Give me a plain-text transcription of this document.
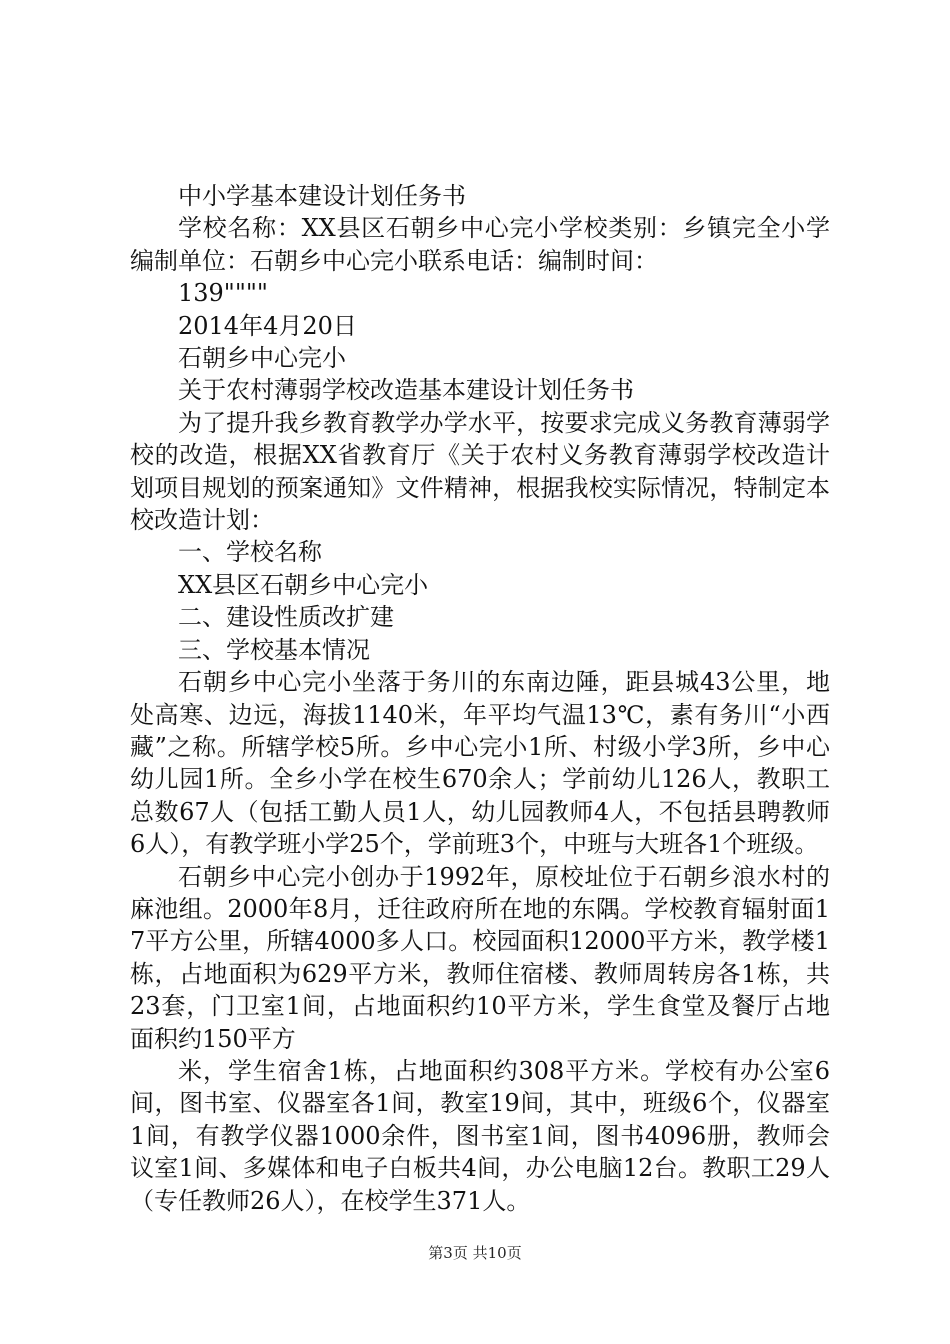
中小学基本建设计划任务书

学校名称：XX县区石朝乡中心完小学校类别：乡镇完全小学编制单位：石朝乡中心完小联系电话：编制时间：

139""""

2014年4月20日

石朝乡中心完小

关于农村薄弱学校改造基本建设计划任务书

为了提升我乡教育教学办学水平，按要求完成义务教育薄弱学校的改造，根据XX省教育厅《关于农村义务教育薄弱学校改造计划项目规划的预案通知》文件精神，根据我校实际情况，特制定本校改造计划：

一、学校名称

XX县区石朝乡中心完小

二、建设性质改扩建

三、学校基本情况

石朝乡中心完小坐落于务川的东南边陲，距县城43公里，地处高寒、边远，海拔1140米，年平均气温13℃，素有务川“小西藏”之称。所辖学校5所。乡中心完小1所、村级小学3所，乡中心幼儿园1所。全乡小学在校生670余人；学前幼儿126人，教职工总数67人（包括工勤人员1人，幼儿园教师4人，不包括县聘教师6人），有教学班小学25个，学前班3个，中班与大班各1个班级。

石朝乡中心完小创办于1992年，原校址位于石朝乡浪水村的麻池组。2000年8月，迁往政府所在地的东隅。学校教育辐射面17平方公里，所辖4000多人口。校园面积12000平方米，教学楼1栋，占地面积为629平方米，教师住宿楼、教师周转房各1栋，共23套，门卫室1间，占地面积约10平方米，学生食堂及餐厅占地面积约150平方

米，学生宿舍1栋，占地面积约308平方米。学校有办公室6间，图书室、仪器室各1间，教室19间，其中，班级6个，仪器室1间，有教学仪器1000余件，图书室1间，图书4096册，教师会议室1间、多媒体和电子白板共4间，办公电脑12台。教职工29人（专任教师26人），在校学生371人。

第3页 共10页
